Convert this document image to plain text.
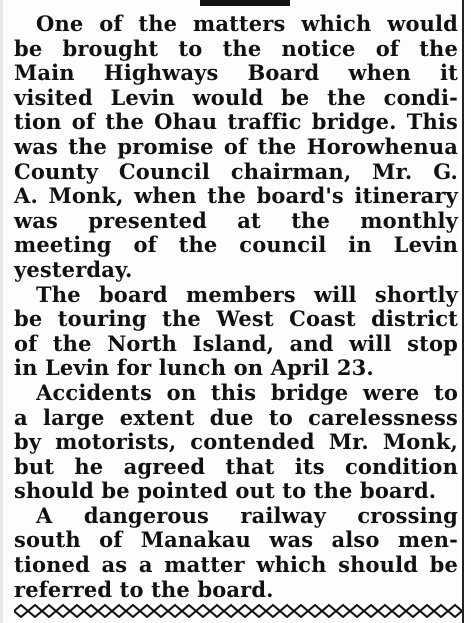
One of the matters which would
be brought to the notice of the
Main Highways Board when it
visited Levin would be the condi-
tion of the Ohau traffic bridge. This
was the promise of the Horowhenua
County Council chairman, Mr. G.
A. Monk, when the board's itinerary
was presented at the monthly
meeting of the council in Levin
yesterday.
The board members will shortly
be touring the West Coast district
of the North Island, and will stop
in Levin for lunch on April 23.
Accidents on this bridge were to
a large extent due to carelessness
by motorists, contended Mr. Monk,
but he agreed that its condition
should be pointed out to the board.
A dangerous railway crossing
south of Manakau was also men-
tioned as a matter which should be
referred to the board.
